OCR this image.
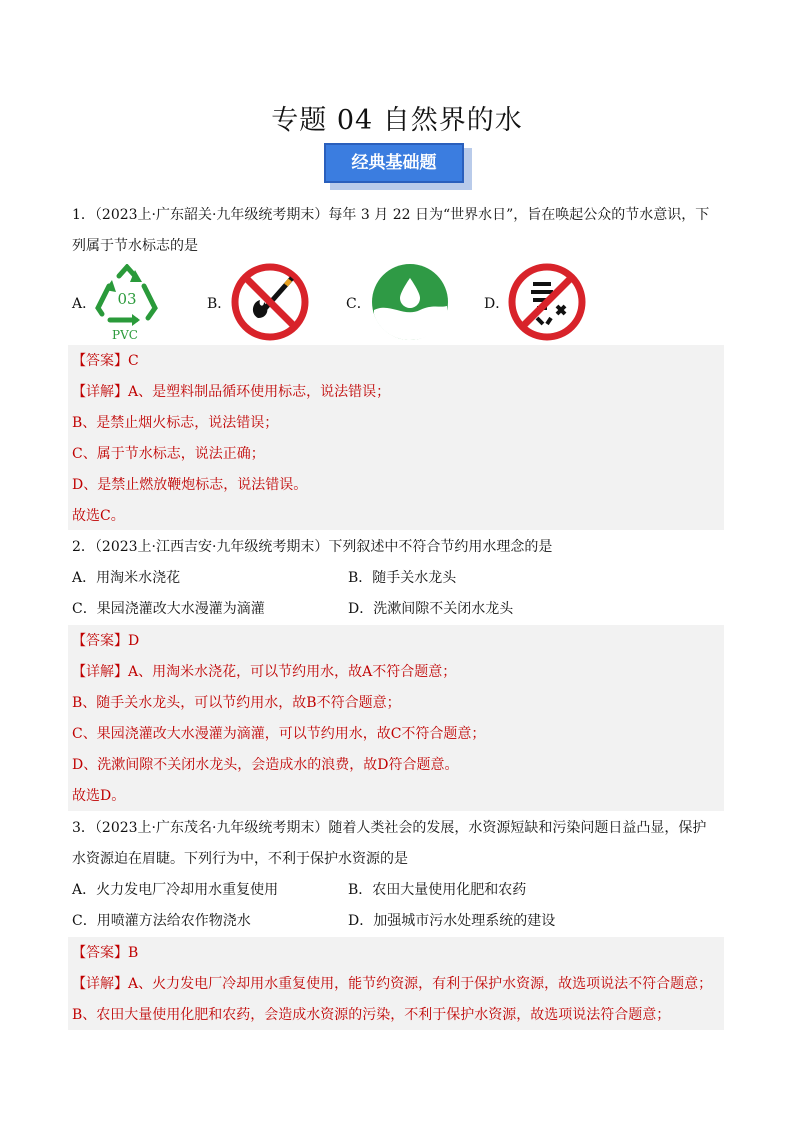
专题 04 自然界的水
经典基础题
1．（2023上·广东韶关·九年级统考期末）每年 3 月 22 日为“世界水日”，旨在唤起公众的节水意识，下
列属于节水标志的是
A． 03
PVC
B．	C．	D．
【答案】C
【详解】A、是塑料制品循环使用标志，说法错误；
B、是禁止烟火标志，说法错误；
C、属于节水标志，说法正确；
D、是禁止燃放鞭炮标志，说法错误。
故选C。
2．（2023上·江西吉安·九年级统考期末）下列叙述中不符合节约用水理念的是
A．用淘米水浇花	B．随手关水龙头
C．果园浇灌改大水漫灌为滴灌	D．洗漱间隙不关闭水龙头
【答案】D
【详解】A、用淘米水浇花，可以节约用水，故A不符合题意；
B、随手关水龙头，可以节约用水，故B不符合题意；
C、果园浇灌改大水漫灌为滴灌，可以节约用水，故C不符合题意；
D、洗漱间隙不关闭水龙头，会造成水的浪费，故D符合题意。
故选D。
3．（2023上·广东茂名·九年级统考期末）随着人类社会的发展，水资源短缺和污染问题日益凸显，保护
水资源迫在眉睫。下列行为中，不利于保护水资源的是
A．火力发电厂冷却用水重复使用	B．农田大量使用化肥和农药
C．用喷灌方法给农作物浇水	D．加强城市污水处理系统的建设
【答案】B
【详解】A、火力发电厂冷却用水重复使用，能节约资源，有利于保护水资源，故选项说法不符合题意；
B、农田大量使用化肥和农药，会造成水资源的污染，不利于保护水资源，故选项说法符合题意；
